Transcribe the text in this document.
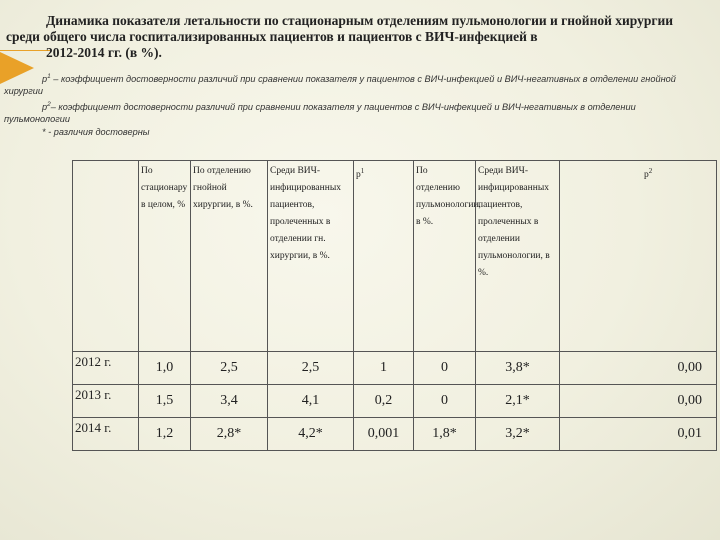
Динамика показателя летальности по стационарным отделениям пульмонологии и гнойной хирургии
среди общего числа госпитализированных пациентов и пациентов с ВИЧ-инфекцией в
2012-2014 гг. (в %).
$р^1$ – коэффициент достоверности различий при сравнении показателя у пациентов с ВИЧ-инфекцией и ВИЧ-негативных в отделении гнойной хирургии
$р^2-$ коэффициент достоверности различий при сравнении показателя у пациентов с ВИЧ-инфекцией и ВИЧ-негативных в отделении пульмонологии
* - различия достоверны
	По стационару в целом, %	По отделению гнойной хирургии, в %.	Среди ВИЧ-инфицированных пациентов, пролеченных в отделении гн. хирургии, в %.	$р^1$	По отделению пульмонологии, в %.	Среди ВИЧ-инфицированных пациентов, пролеченных в отделении пульмонологии, в %.	$р^2$
2012 г.	1,0	2,5	2,5	1	0	3,8*	0,00
2013 г.	1,5	3,4	4,1	0,2	0	2,1*	0,00
2014 г.	1,2	2,8*	4,2*	0,001	1,8*	3,2*	0,01
